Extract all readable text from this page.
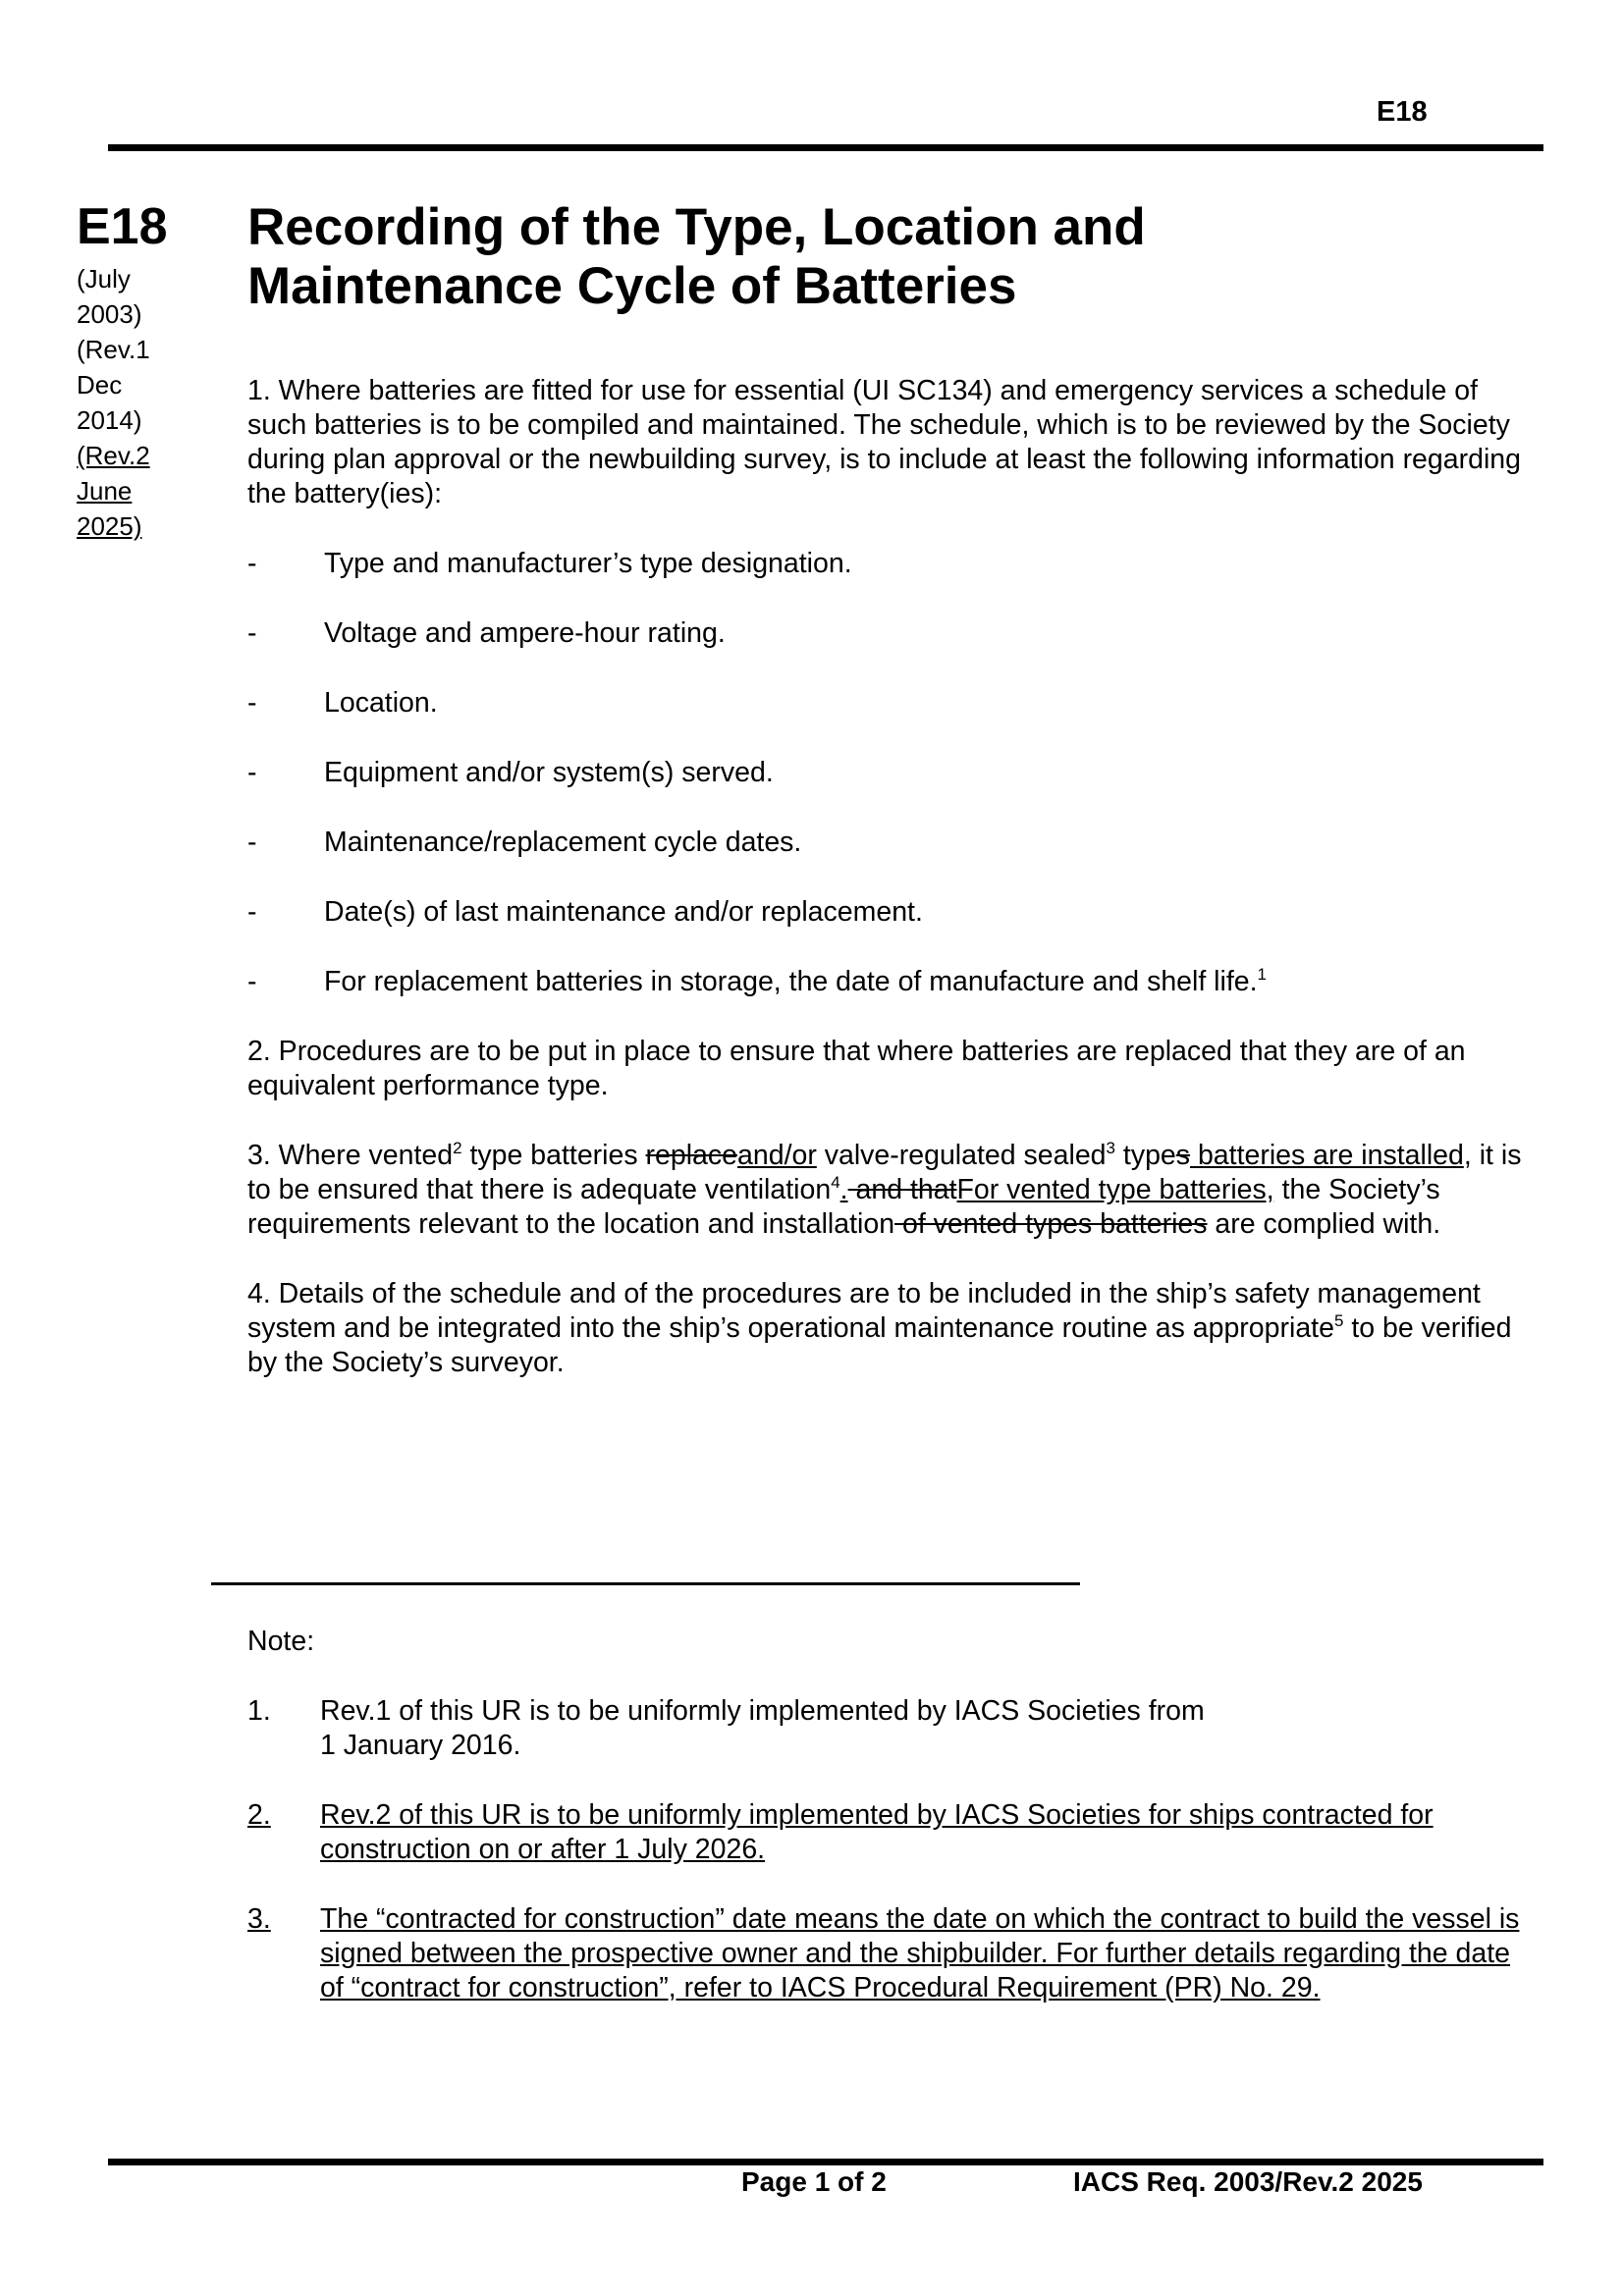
E18
E18
(July
2003)
(Rev.1
Dec
2014)
(Rev.2
June
2025)
Recording of the Type, Location and
Maintenance Cycle of Batteries

1. Where batteries are fitted for use for essential (UI SC134) and emergency services a schedule of such batteries is to be compiled and maintained. The schedule, which is to be reviewed by the Society during plan approval or the newbuilding survey, is to include at least the following information regarding the battery(ies):

- Type and manufacturer’s type designation.

- Voltage and ampere-hour rating.

- Location.

- Equipment and/or system(s) served.

- Maintenance/replacement cycle dates.

- Date(s) of last maintenance and/or replacement.

- For replacement batteries in storage, the date of manufacture and shelf life.$^1$

2. Procedures are to be put in place to ensure that where batteries are replaced that they are of an equivalent performance type.

3. Where vented$^2$ type batteries replaceand/or valve-regulated sealed$^3$ types batteries are installed, it is to be ensured that there is adequate ventilation$^4$. and thatFor vented type batteries, the Society’s requirements relevant to the location and installation of vented types batteries are complied with.

4. Details of the schedule and of the procedures are to be included in the ship’s safety management system and be integrated into the ship’s operational maintenance routine as appropriate$^5$ to be verified by the Society’s surveyor.

Note:

1. Rev.1 of this UR is to be uniformly implemented by IACS Societies from
1 January 2016.

2. Rev.2 of this UR is to be uniformly implemented by IACS Societies for ships contracted for construction on or after 1 July 2026.

3. The “contracted for construction” date means the date on which the contract to build the vessel is signed between the prospective owner and the shipbuilder. For further details regarding the date of “contract for construction”, refer to IACS Procedural Requirement (PR) No. 29.

Page 1 of 2	IACS Req. 2003/Rev.2 2025
